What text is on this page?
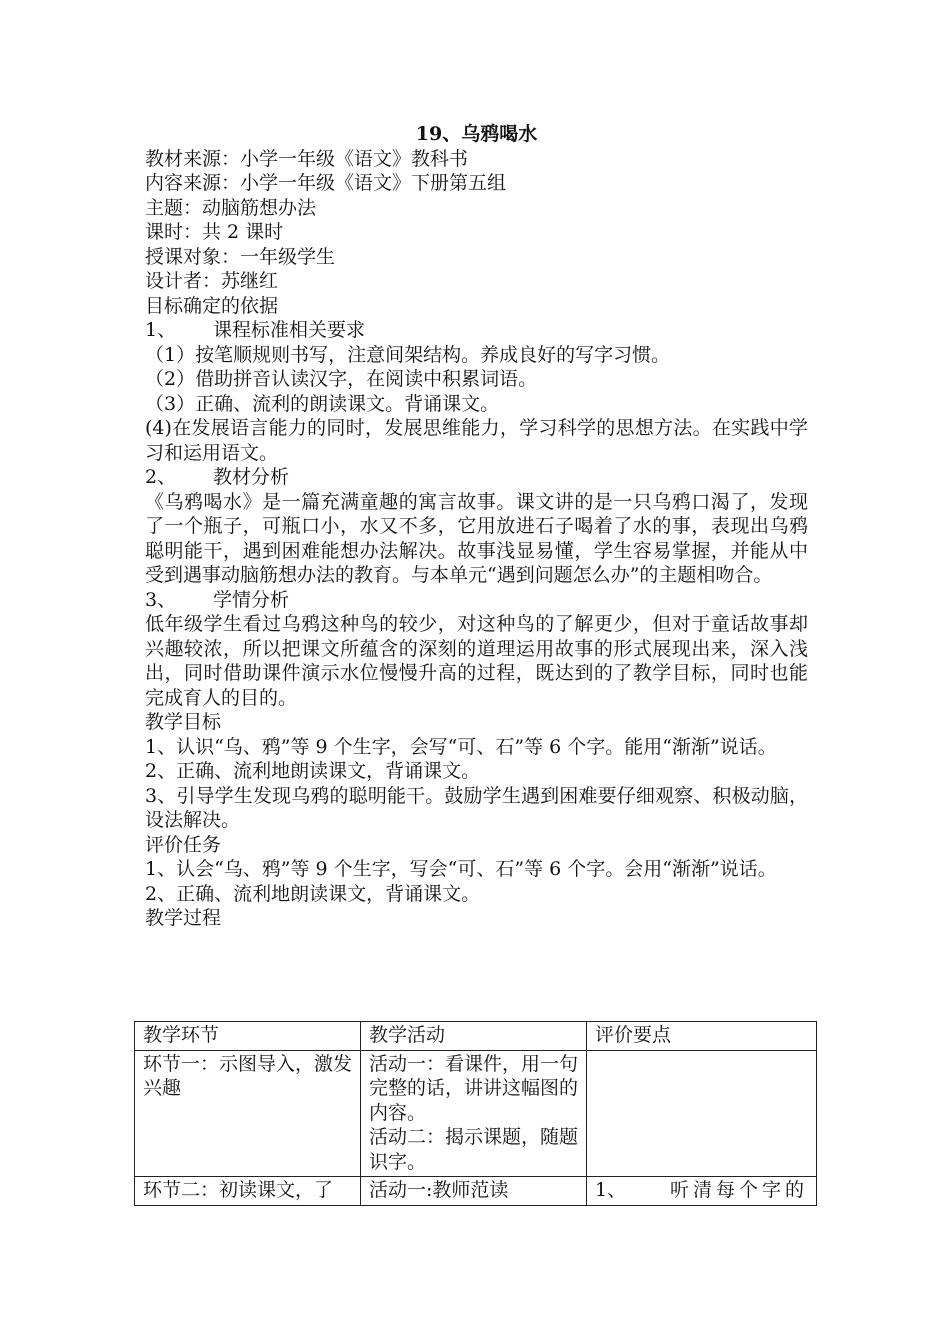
19、乌鸦喝水
教材来源：小学一年级《语文》教科书
内容来源：小学一年级《语文》下册第五组
主题：动脑筋想办法
课时：共 2 课时
授课对象：一年级学生
设计者：苏继红
目标确定的依据
1、 课程标准相关要求
（1）按笔顺规则书写，注意间架结构。养成良好的写字习惯。
（2）借助拼音认读汉字，在阅读中积累词语。
（3）正确、流利的朗读课文。背诵课文。
(4)在发展语言能力的同时，发展思维能力，学习科学的思想方法。在实践中学习和运用语文。
2、 教材分析
《乌鸦喝水》是一篇充满童趣的寓言故事。课文讲的是一只乌鸦口渴了，发现了一个瓶子，可瓶口小，水又不多，它用放进石子喝着了水的事，表现出乌鸦聪明能干，遇到困难能想办法解决。故事浅显易懂，学生容易掌握，并能从中受到遇事动脑筋想办法的教育。与本单元“遇到问题怎么办”的主题相吻合。
3、 学情分析
低年级学生看过乌鸦这种鸟的较少，对这种鸟的了解更少，但对于童话故事却兴趣较浓，所以把课文所蕴含的深刻的道理运用故事的形式展现出来，深入浅出，同时借助课件演示水位慢慢升高的过程，既达到的了教学目标，同时也能完成育人的目的。
教学目标
1、认识“乌、鸦”等 9 个生字，会写“可、石”等 6 个字。能用“渐渐”说话。
2、正确、流利地朗读课文，背诵课文。
3、引导学生发现乌鸦的聪明能干。鼓励学生遇到困难要仔细观察、积极动脑，设法解决。
评价任务
1、认会“乌、鸦”等 9 个生字，写会“可、石”等 6 个字。会用“渐渐”说话。
2、正确、流利地朗读课文，背诵课文。
教学过程
教学环节	教学活动	评价要点
环节一：示图导入，激发兴趣	活动一：看课件，用一句完整的话，讲讲这幅图的内容。
活动二：揭示课题，随题识字。	

环节二：初读课文，了	活动一:教师范读	1、 听清每个字的
